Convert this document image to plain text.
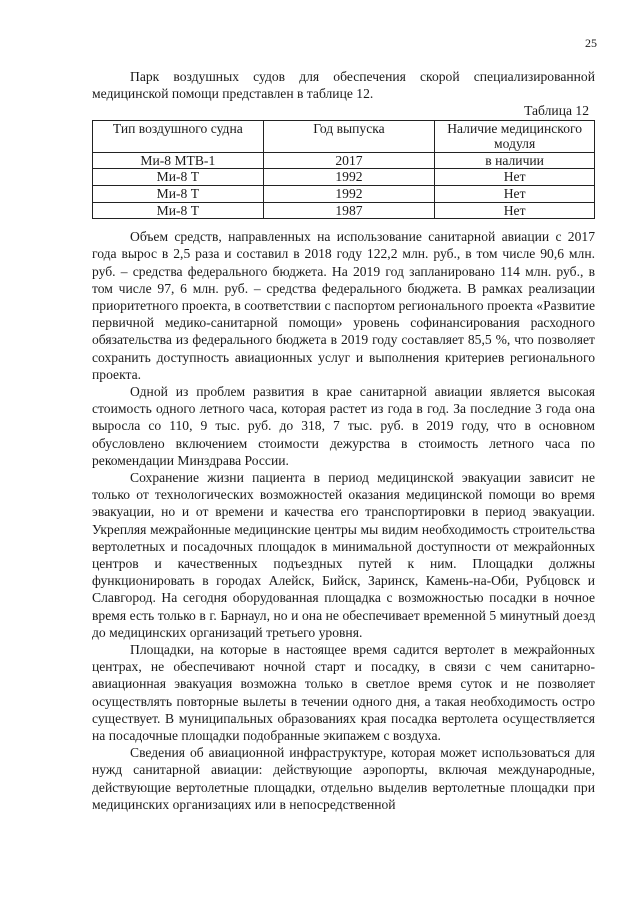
25

Парк воздушных судов для обеспечения скорой специализированной медицинской помощи представлен в таблице 12.

Таблица 12
Тип воздушного судна	Год выпуска	Наличие медицинского модуля
Ми-8 МТВ-1	2017	в наличии
Ми-8 Т	1992	Нет
Ми-8 Т	1992	Нет
Ми-8 Т	1987	Нет

Объем средств, направленных на использование санитарной авиации с 2017 года вырос в 2,5 раза и составил в 2018 году 122,2 млн. руб., в том числе 90,6 млн. руб. – средства федерального бюджета. На 2019 год запланировано 114 млн. руб., в том числе 97, 6 млн. руб. – средства федерального бюджета. В рамках реализации приоритетного проекта, в соответствии с паспортом регионального проекта «Развитие первичной медико-санитарной помощи» уровень софинансирования расходного обязательства из федерального бюджета в 2019 году составляет 85,5 %, что позволяет сохранить доступность авиационных услуг и выполнения критериев регионального проекта.

Одной из проблем развития в крае санитарной авиации является высокая стоимость одного летного часа, которая растет из года в год. За последние 3 года она выросла со 110, 9 тыс. руб. до 318, 7 тыс. руб. в 2019 году, что в основном обусловлено включением стоимости дежурства в стоимость летного часа по рекомендации Минздрава России.

Сохранение жизни пациента в период медицинской эвакуации зависит не только от технологических возможностей оказания медицинской помощи во время эвакуации, но и от времени и качества его транспортировки в период эвакуации. Укрепляя межрайонные медицинские центры мы видим необходимость строительства вертолетных и посадочных площадок в минимальной доступности от межрайонных центров и качественных подъездных путей к ним. Площадки должны функционировать в городах Алейск, Бийск, Заринск, Камень-на-Оби, Рубцовск и Славгород. На сегодня оборудованная площадка с возможностью посадки в ночное время есть только в г. Барнаул, но и она не обеспечивает временной 5 минутный доезд до медицинских организаций третьего уровня.

Площадки, на которые в настоящее время садится вертолет в межрайонных центрах, не обеспечивают ночной старт и посадку, в связи с чем санитарно-авиационная эвакуация возможна только в светлое время суток и не позволяет осуществлять повторные вылеты в течении одного дня, а такая необходимость остро существует. В муниципальных образованиях края посадка вертолета осуществляется на посадочные площадки подобранные экипажем с воздуха.

Сведения об авиационной инфраструктуре, которая может использоваться для нужд санитарной авиации: действующие аэропорты, включая международные, действующие вертолетные площадки, отдельно выделив вертолетные площадки при медицинских организациях или в непосредственной
